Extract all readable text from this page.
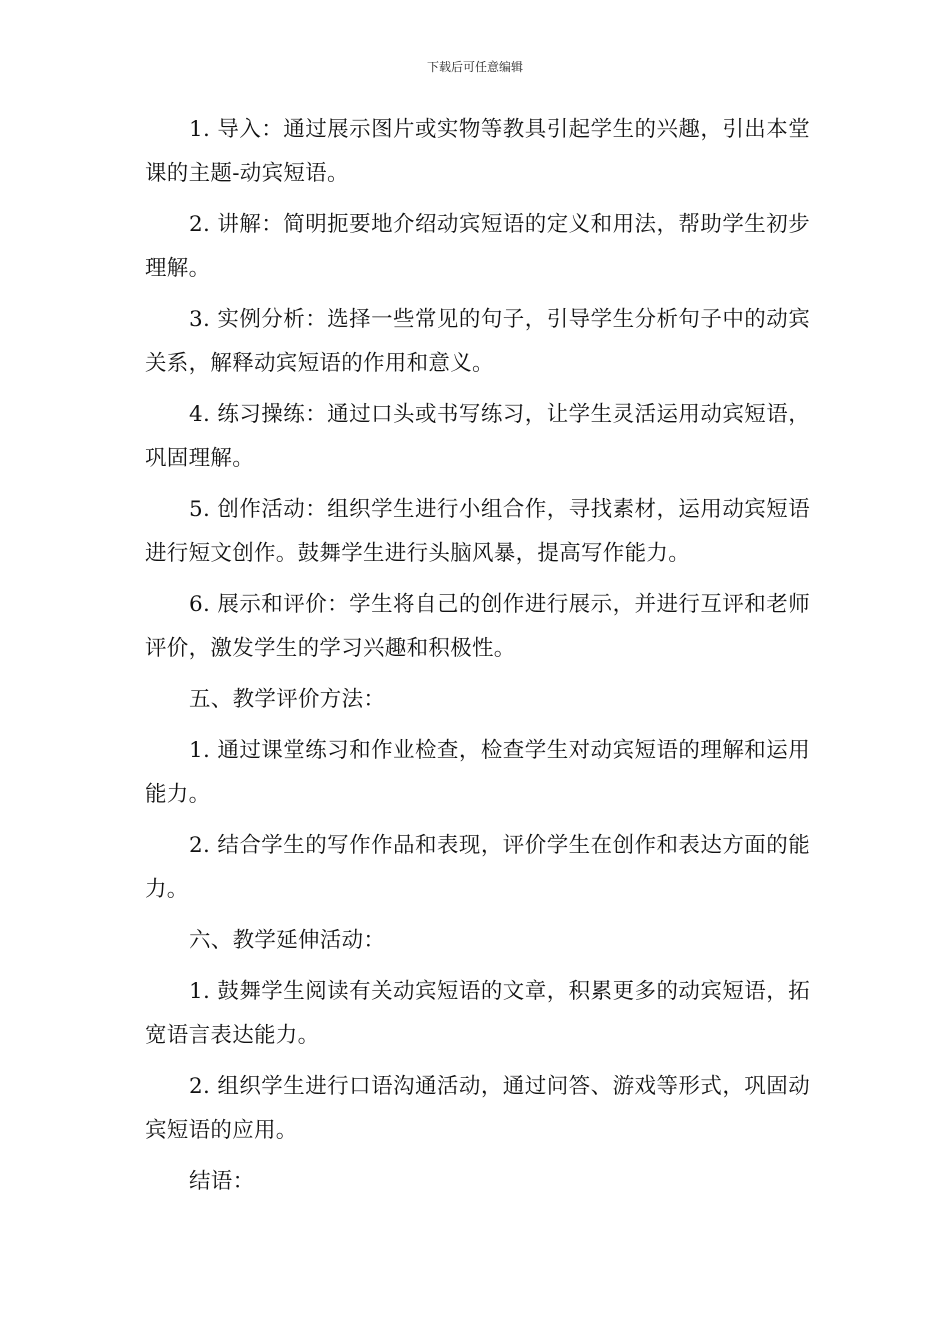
下载后可任意编辑

1. 导入：通过展示图片或实物等教具引起学生的兴趣，引出本堂课的主题-动宾短语。

2. 讲解：简明扼要地介绍动宾短语的定义和用法，帮助学生初步理解。

3. 实例分析：选择一些常见的句子，引导学生分析句子中的动宾关系，解释动宾短语的作用和意义。

4. 练习操练：通过口头或书写练习，让学生灵活运用动宾短语，巩固理解。

5. 创作活动：组织学生进行小组合作，寻找素材，运用动宾短语进行短文创作。鼓舞学生进行头脑风暴，提高写作能力。

6. 展示和评价：学生将自己的创作进行展示，并进行互评和老师评价，激发学生的学习兴趣和积极性。

五、教学评价方法：

1. 通过课堂练习和作业检查，检查学生对动宾短语的理解和运用能力。

2. 结合学生的写作作品和表现，评价学生在创作和表达方面的能力。

六、教学延伸活动：

1. 鼓舞学生阅读有关动宾短语的文章，积累更多的动宾短语，拓宽语言表达能力。

2. 组织学生进行口语沟通活动，通过问答、游戏等形式，巩固动宾短语的应用。

结语：
